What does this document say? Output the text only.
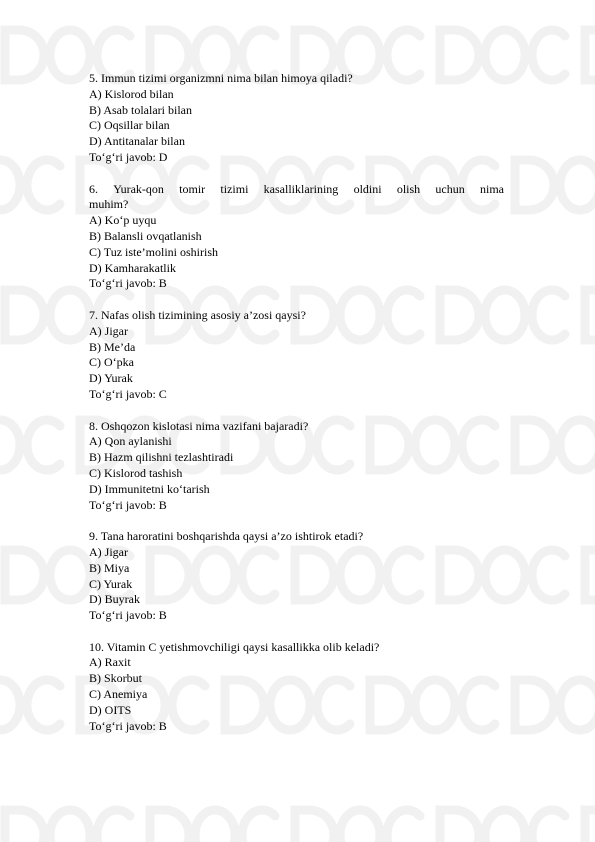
5. Immun tizimi organizmni nima bilan himoya qiladi?
A) Kislorod bilan
B) Asab tolalari bilan
C) Oqsillar bilan
D) Antitanalar bilan
To‘g‘ri javob: D
6. Yurak-qon tomir tizimi kasalliklarining oldini olish uchun nima
muhim?
A) Ko‘p uyqu
B) Balansli ovqatlanish
C) Tuz iste’molini oshirish
D) Kamharakatlik
To‘g‘ri javob: B
7. Nafas olish tizimining asosiy a’zosi qaysi?
A) Jigar
B) Me’da
C) O‘pka
D) Yurak
To‘g‘ri javob: C
8. Oshqozon kislotasi nima vazifani bajaradi?
A) Qon aylanishi
B) Hazm qilishni tezlashtiradi
C) Kislorod tashish
D) Immunitetni ko‘tarish
To‘g‘ri javob: B
9. Tana haroratini boshqarishda qaysi a’zo ishtirok etadi?
A) Jigar
B) Miya
C) Yurak
D) Buyrak
To‘g‘ri javob: B
10. Vitamin C yetishmovchiligi qaysi kasallikka olib keladi?
A) Raxit
B) Skorbut
C) Anemiya
D) OITS
To‘g‘ri javob: B
